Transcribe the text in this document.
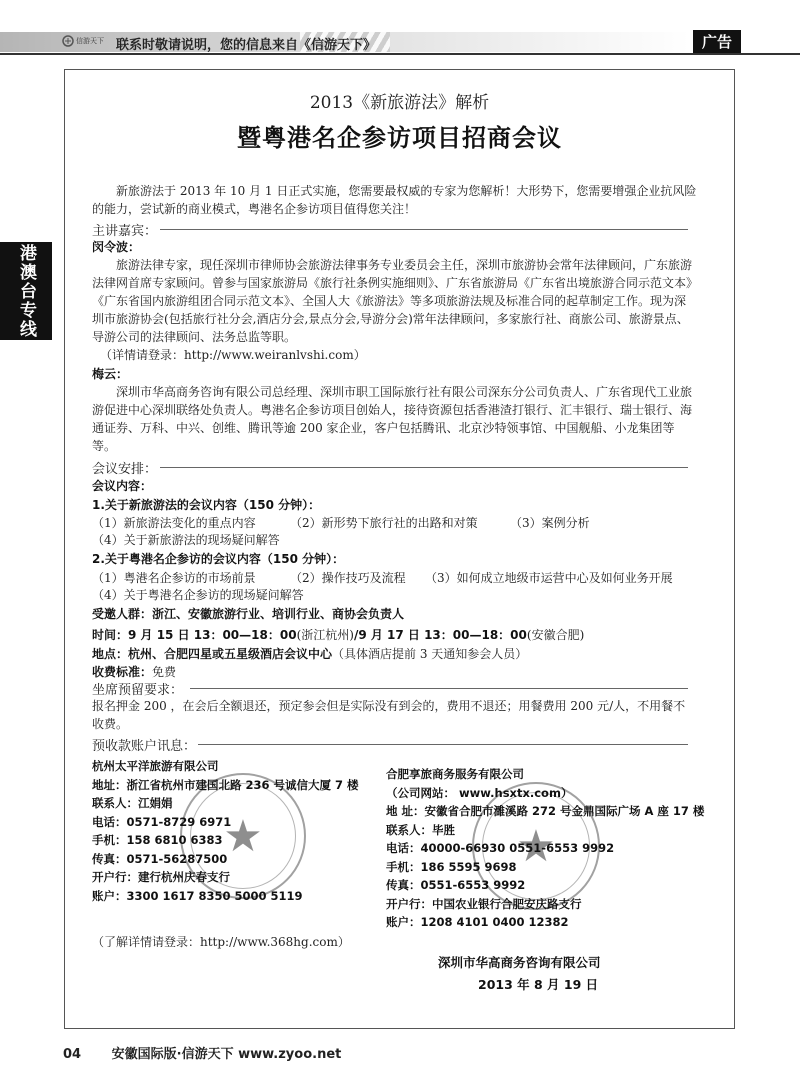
信游天下 联系时敬请说明，您的信息来自《信游天下》	广告
港澳台专线
2013《新旅游法》解析
暨粤港名企参访项目招商会议
新旅游法于 2013 年 10 月 1 日正式实施，您需要最权威的专家为您解析！大形势下，您需要增强企业抗风险的能力，尝试新的商业模式，粤港名企参访项目值得您关注！
主讲嘉宾：
闵令波：
旅游法律专家，现任深圳市律师协会旅游法律事务专业委员会主任，深圳市旅游协会常年法律顾问，广东旅游法律网首席专家顾问。曾参与国家旅游局《旅行社条例实施细则》、广东省旅游局《广东省出境旅游合同示范文本》《广东省国内旅游组团合同示范文本》、全国人大《旅游法》等多项旅游法规及标准合同的起草制定工作。现为深圳市旅游协会(包括旅行社分会,酒店分会,景点分会,导游分会)常年法律顾问，多家旅行社、商旅公司、旅游景点、导游公司的法律顾问、法务总监等职。
（详情请登录：http://www.weiranlvshi.com）
梅云：
深圳市华高商务咨询有限公司总经理、深圳市职工国际旅行社有限公司深东分公司负责人、广东省现代工业旅游促进中心深圳联络处负责人。粤港名企参访项目创始人，接待资源包括香港渣打银行、汇丰银行、瑞士银行、海通证券、万科、中兴、创维、腾讯等逾 200 家企业，客户包括腾讯、北京沙特领事馆、中国舰船、小龙集团等等。
会议安排：
会议内容：
1.关于新旅游法的会议内容（150 分钟）：
（1）新旅游法变化的重点内容	（2）新形势下旅行社的出路和对策	（3）案例分析
（4）关于新旅游法的现场疑问解答
2.关于粤港名企参访的会议内容（150 分钟）：
（1）粤港名企参访的市场前景	（2）操作技巧及流程 （3）如何成立地级市运营中心及如何业务开展
（4）关于粤港名企参访的现场疑问解答
受邀人群：浙江、安徽旅游行业、培训行业、商协会负责人
时间：9 月 15 日 13：00—18：00(浙江杭州)/9 月 17 日 13：00—18：00(安徽合肥)
地点：杭州、合肥四星或五星级酒店会议中心（具体酒店提前 3 天通知参会人员）
收费标准：免费
坐席预留要求：
报名押金 200 ，在会后全额退还，预定参会但是实际没有到会的，费用不退还；用餐费用 200 元/人，不用餐不收费。
预收款账户讯息：
★	★
杭州太平洋旅游有限公司
地址：浙江省杭州市建国北路 236 号诚信大厦 7 楼
联系人：江娟娟
电话：0571-8729 6971
手机：158 6810 6383
传真：0571-56287500
开户行：建行杭州庆春支行
账户：3300 1617 8350 5000 5119
（了解详情请登录：http://www.368hg.com）
合肥享旅商务服务有限公司
（公司网站： www.hsxtx.com）
地 址：安徽省合肥市濉溪路 272 号金鼎国际广场 A 座 17 楼
联系人：毕胜
电话：40000-66930 0551-6553 9992
手机：186 5595 9698
传真：0551-6553 9992
开户行：中国农业银行合肥安庆路支行
账户：1208 4101 0400 12382
深圳市华高商务咨询有限公司
2013 年 8 月 19 日
04 安徽国际版·信游天下 www.zyoo.net
